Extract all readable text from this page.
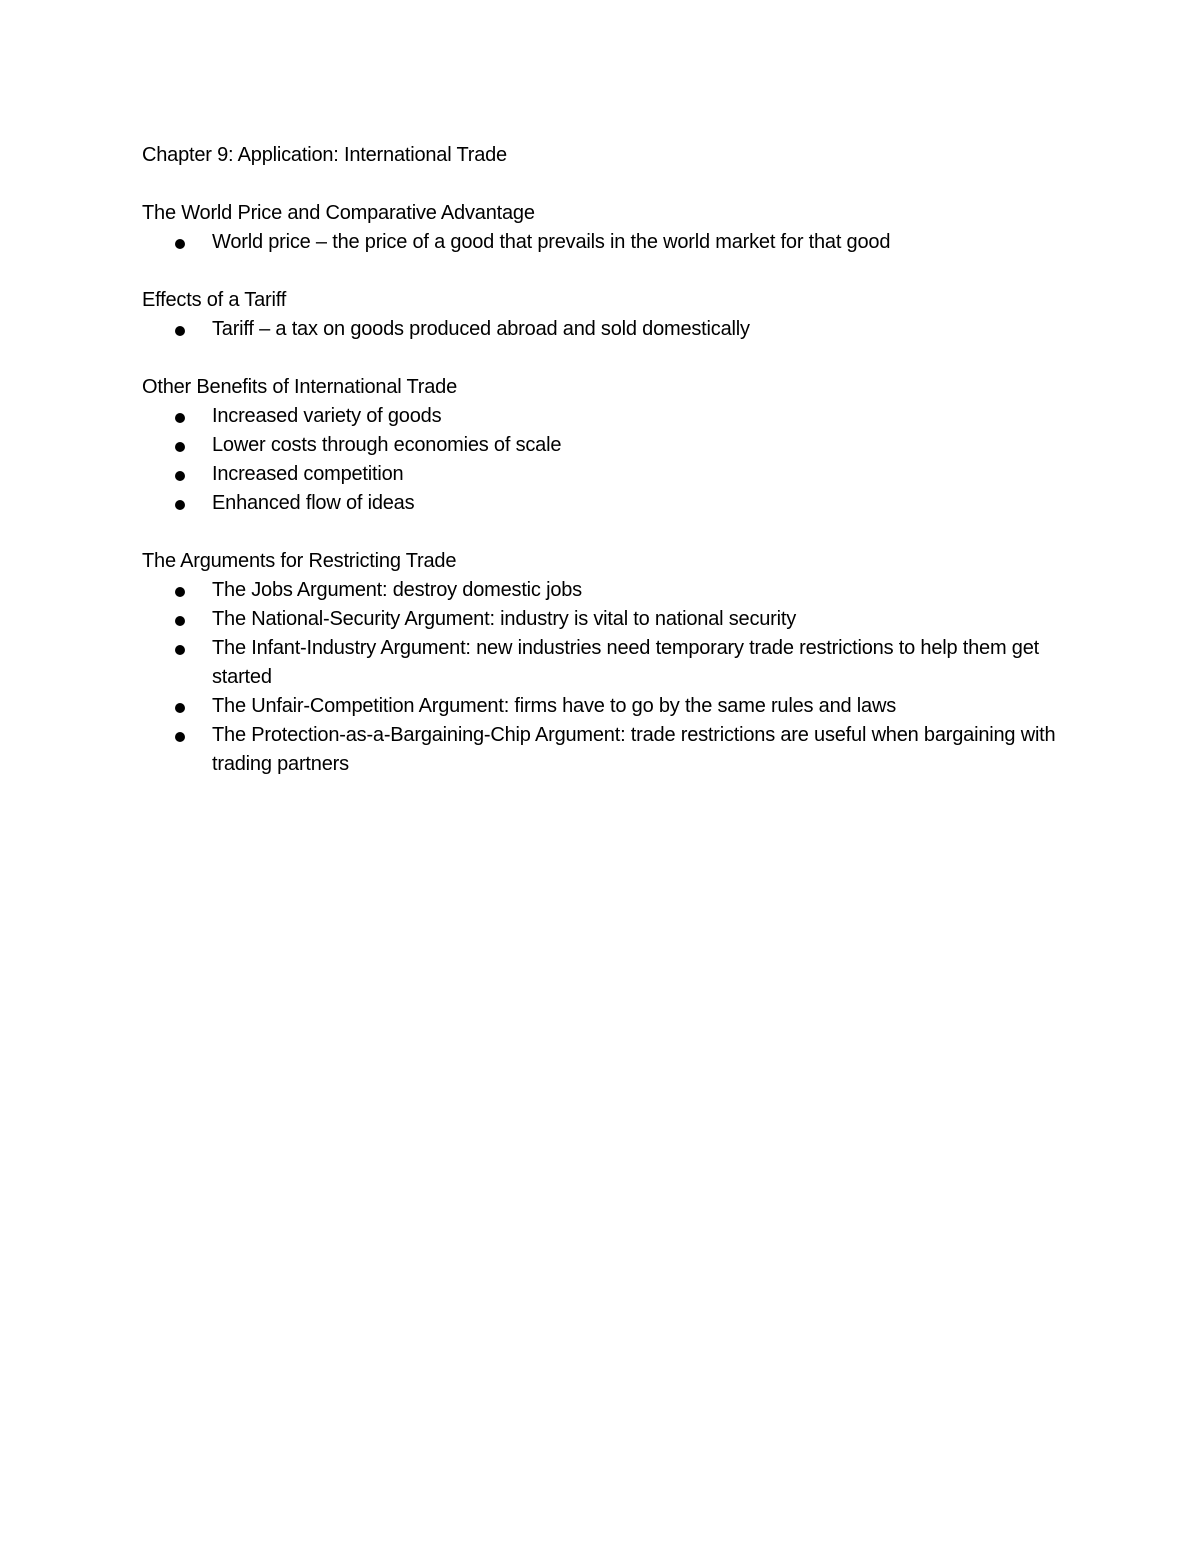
Chapter 9: Application: International Trade

The World Price and Comparative Advantage

World price – the price of a good that prevails in the world market for that good

Effects of a Tariff

Tariff – a tax on goods produced abroad and sold domestically

Other Benefits of International Trade

Increased variety of goods
Lower costs through economies of scale
Increased competition
Enhanced flow of ideas

The Arguments for Restricting Trade

The Jobs Argument: destroy domestic jobs
The National-Security Argument: industry is vital to national security
The Infant-Industry Argument: new industries need temporary trade restrictions to help them get started
The Unfair-Competition Argument: firms have to go by the same rules and laws
The Protection-as-a-Bargaining-Chip Argument: trade restrictions are useful when bargaining with trading partners
